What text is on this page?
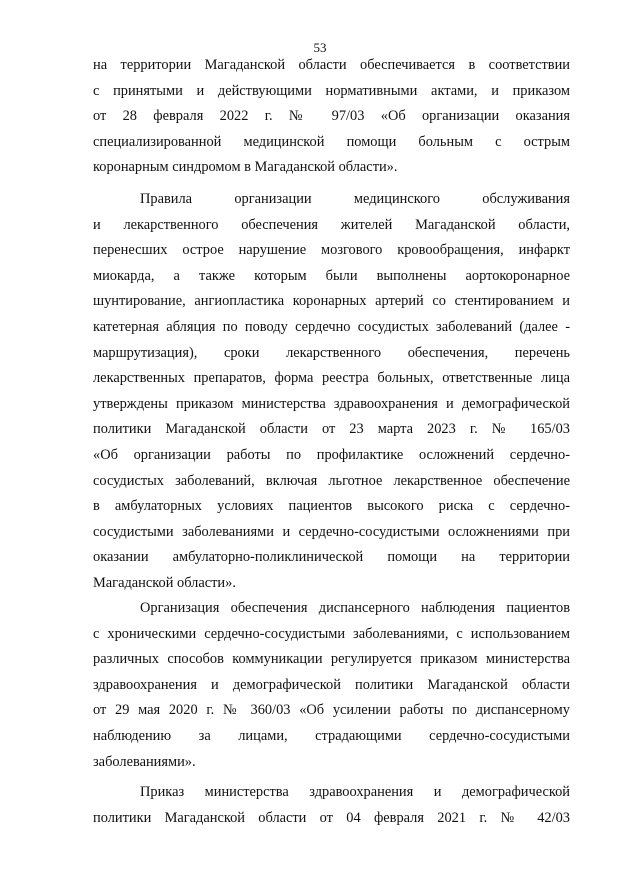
53
на территории Магаданской области обеспечивается в соответствии
с принятыми и действующими нормативными актами, и приказом
от 28 февраля 2022 г. № 97/03 «Об организации оказания
специализированной медицинской помощи больным с острым
коронарным синдромом в Магаданской области».
Правила организации медицинского обслуживания
и лекарственного обеспечения жителей Магаданской области,
перенесших острое нарушение мозгового кровообращения, инфаркт
миокарда, а также которым были выполнены аортокоронарное
шунтирование, ангиопластика коронарных артерий со стентированием и
катетерная абляция по поводу сердечно сосудистых заболеваний (далее -
маршрутизация), сроки лекарственного обеспечения, перечень
лекарственных препаратов, форма реестра больных, ответственные лица
утверждены приказом министерства здравоохранения и демографической
политики Магаданской области от 23 марта 2023 г. № 165/03
«Об организации работы по профилактике осложнений сердечно-
сосудистых заболеваний, включая льготное лекарственное обеспечение
в амбулаторных условиях пациентов высокого риска с сердечно-
сосудистыми заболеваниями и сердечно-сосудистыми осложнениями при
оказании амбулаторно-поликлинической помощи на территории
Магаданской области».
Организация обеспечения диспансерного наблюдения пациентов
с хроническими сердечно-сосудистыми заболеваниями, с использованием
различных способов коммуникации регулируется приказом министерства
здравоохранения и демографической политики Магаданской области
от 29 мая 2020 г. № 360/03 «Об усилении работы по диспансерному
наблюдению за лицами, страдающими сердечно-сосудистыми
заболеваниями».
Приказ министерства здравоохранения и демографической
политики Магаданской области от 04 февраля 2021 г. № 42/03
